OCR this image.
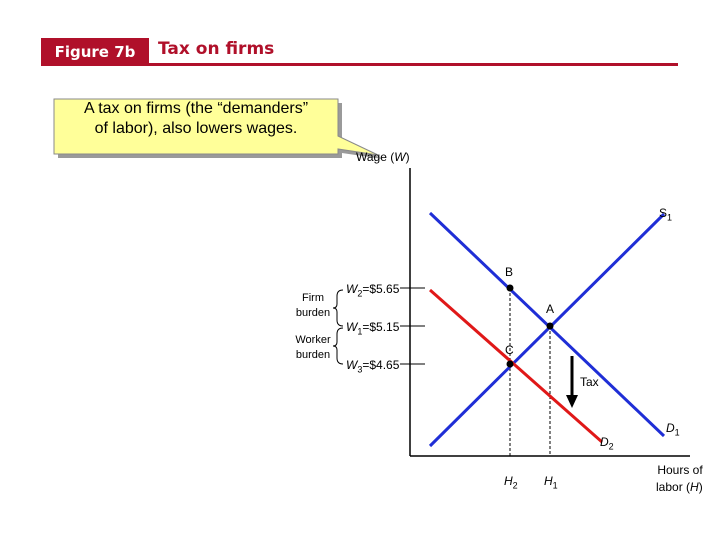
Figure 7b	Tax on firms
A tax on firms (the “demanders”
of labor), also lowers wages.
Wage (W)
$S_1$
$D_1$
$D_2$
B
A
C
$W_2=\$5.65$
$W_1=\$5.15$
$W_3=\$4.65$
Firm
burden
Worker
burden
Tax
$H_2$ $H_1$
Hours of
labor (H)
